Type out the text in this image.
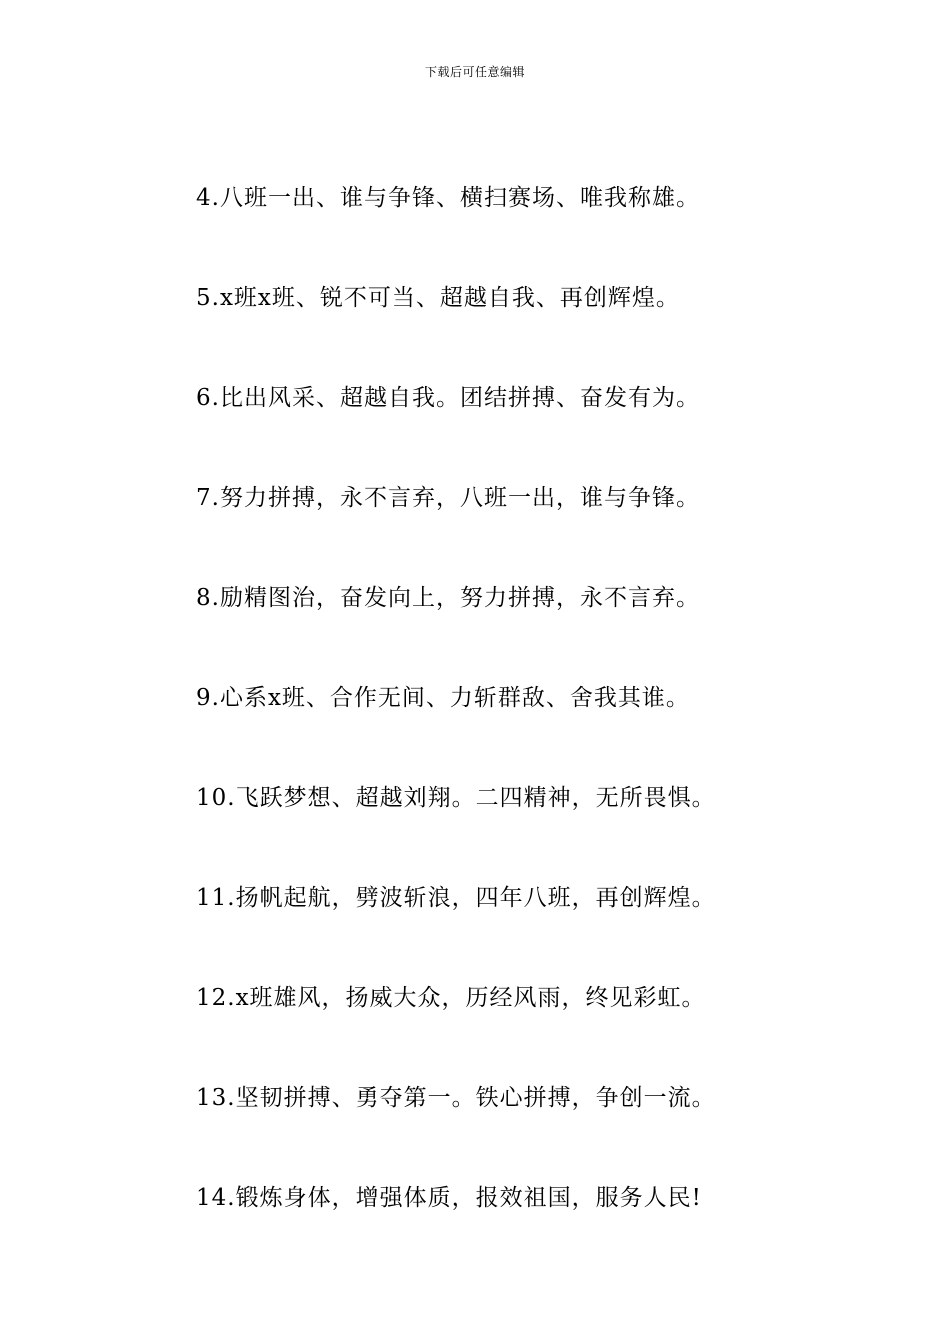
下载后可任意编辑
4.八班一出、谁与争锋、横扫赛场、唯我称雄。
5.x班x班、锐不可当、超越自我、再创辉煌。
6.比出风采、超越自我。团结拼搏、奋发有为。
7.努力拼搏，永不言弃，八班一出，谁与争锋。
8.励精图治，奋发向上，努力拼搏，永不言弃。
9.心系x班、合作无间、力斩群敌、舍我其谁。
10.飞跃梦想、超越刘翔。二四精神，无所畏惧。
11.扬帆起航，劈波斩浪，四年八班，再创辉煌。
12.x班雄风，扬威大众，历经风雨，终见彩虹。
13.坚韧拼搏、勇夺第一。铁心拼搏，争创一流。
14.锻炼身体，增强体质，报效祖国，服务人民!
